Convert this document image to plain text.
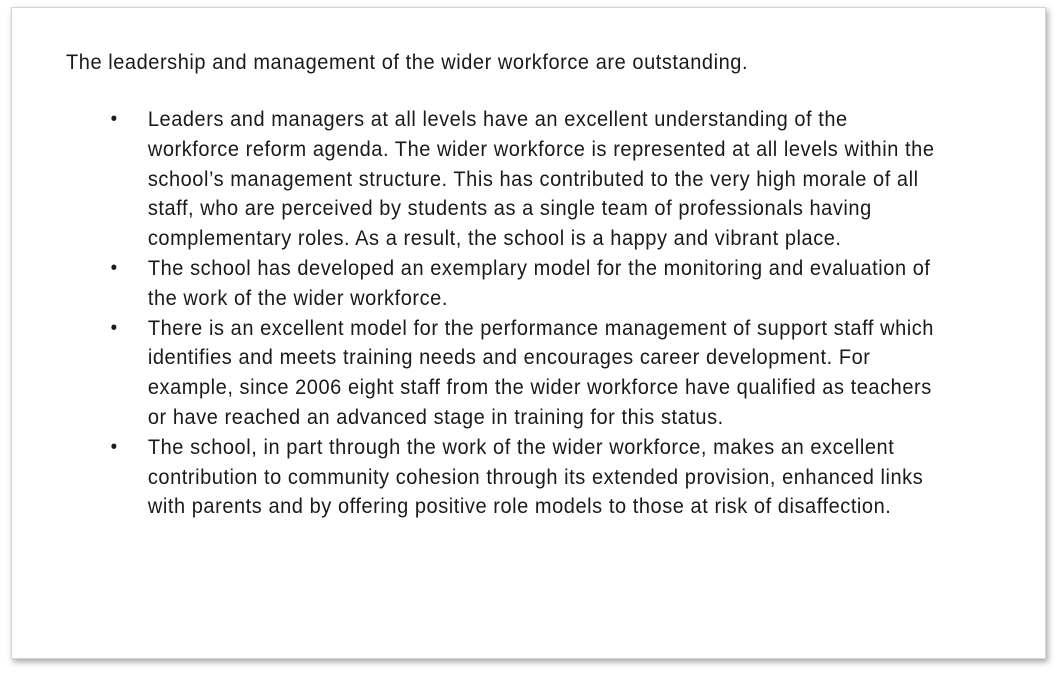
The leadership and management of the wider workforce are outstanding.

• Leaders and managers at all levels have an excellent understanding of the workforce reform agenda. The wider workforce is represented at all levels within the school’s management structure. This has contributed to the very high morale of all staff, who are perceived by students as a single team of professionals having complementary roles. As a result, the school is a happy and vibrant place.
• The school has developed an exemplary model for the monitoring and evaluation of the work of the wider workforce.
• There is an excellent model for the performance management of support staff which identifies and meets training needs and encourages career development. For example, since 2006 eight staff from the wider workforce have qualified as teachers or have reached an advanced stage in training for this status.
• The school, in part through the work of the wider workforce, makes an excellent contribution to community cohesion through its extended provision, enhanced links with parents and by offering positive role models to those at risk of disaffection.
